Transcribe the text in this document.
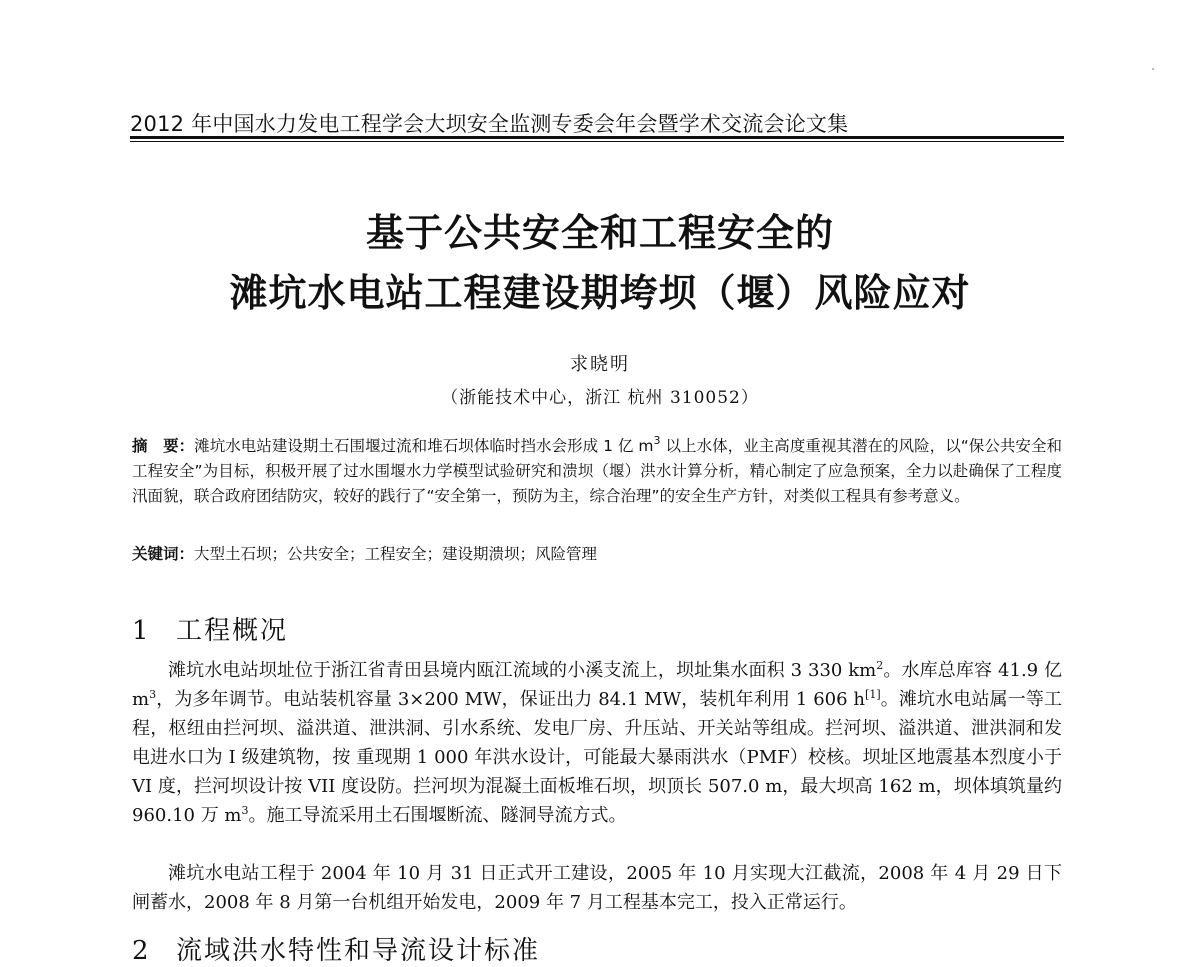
2012 年中国水力发电工程学会大坝安全监测专委会年会暨学术交流会论文集
基于公共安全和工程安全的
滩坑水电站工程建设期垮坝（堰）风险应对
求晓明
（浙能技术中心，浙江 杭州 310052）
摘　要：滩坑水电站建设期土石围堰过流和堆石坝体临时挡水会形成 1 亿 $m^3$ 以上水体，业主高度重视其潜在的风险，以“保公共安全和工程安全”为目标，积极开展了过水围堰水力学模型试验研究和溃坝（堰）洪水计算分析，精心制定了应急预案，全力以赴确保了工程度汛面貌，联合政府团结防灾，较好的践行了“安全第一，预防为主，综合治理”的安全生产方针，对类似工程具有参考意义。
关键词：大型土石坝；公共安全；工程安全；建设期溃坝；风险管理
1 工程概况

滩坑水电站坝址位于浙江省青田县境内瓯江流域的小溪支流上，坝址集水面积 3 330 $km^2$。水库总库容 41.9 亿 $m^3$，为多年调节。电站装机容量 3×200 MW，保证出力 84.1 MW，装机年利用 1 606 h[1]。滩坑水电站属一等工程，枢纽由拦河坝、溢洪道、泄洪洞、引水系统、发电厂房、升压站、开关站等组成。拦河坝、溢洪道、泄洪洞和发电进水口为 I 级建筑物，按 重现期 1 000 年洪水设计，可能最大暴雨洪水（PMF）校核。坝址区地震基本烈度小于 VI 度，拦河坝设计按 VII 度设防。拦河坝为混凝土面板堆石坝，坝顶长 507.0 m，最大坝高 162 m，坝体填筑量约 960.10 万 $m^3$。施工导流采用土石围堰断流、隧洞导流方式。

滩坑水电站工程于 2004 年 10 月 31 日正式开工建设，2005 年 10 月实现大江截流，2008 年 4 月 29 日下闸蓄水，2008 年 8 月第一台机组开始发电，2009 年 7 月工程基本完工，投入正常运行。

2 流域洪水特性和导流设计标准
